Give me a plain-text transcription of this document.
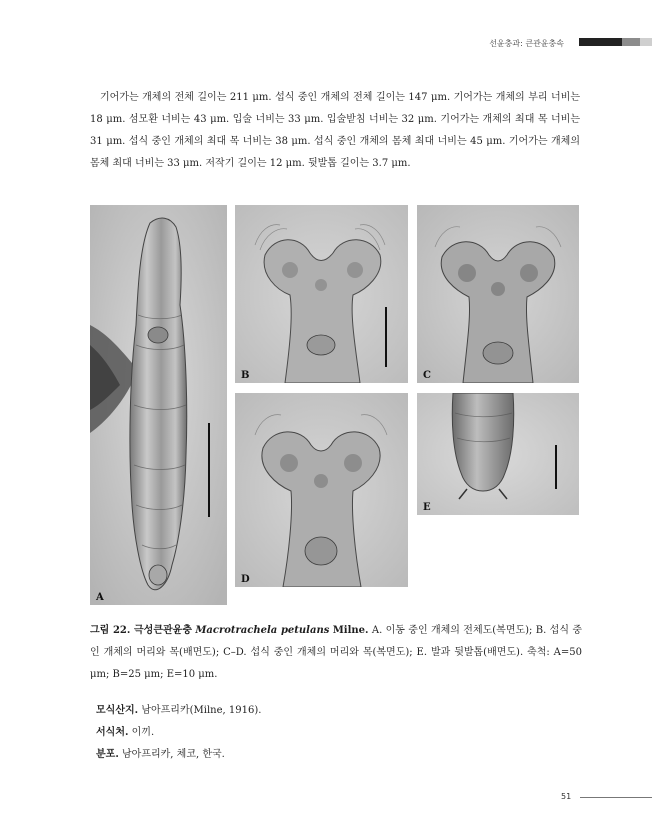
선윤충과: 큰관윤충속

기어가는 개체의 전체 길이는 211 μm. 섭식 중인 개체의 전체 길이는 147 μm. 기어가는 개체의 부리 너비는 18 μm. 섬모환 너비는 43 μm. 입술 너비는 33 μm. 입술받침 너비는 32 μm. 기어가는 개체의 최대 목 너비는 31 μm. 섭식 중인 개체의 최대 목 너비는 38 μm. 섭식 중인 개체의 몸체 최대 너비는 45 μm. 기어가는 개체의 몸체 최대 너비는 33 μm. 저작기 길이는 12 μm. 뒷발톱 길이는 3.7 μm.

A
B	C
D
E
그림 22. 극성큰관윤충 Macrotrachela petulans Milne. A. 이동 중인 개체의 전체도(복면도); B. 섭식 중인 개체의 머리와 목(배면도); C–D. 섭식 중인 개체의 머리와 목(복면도); E. 발과 뒷발톱(배면도). 축척: A=50 μm; B=25 μm; E=10 μm.
모식산지. 남아프리카(Milne, 1916).
서식처. 이끼.
분포. 남아프리카, 체코, 한국.
51
